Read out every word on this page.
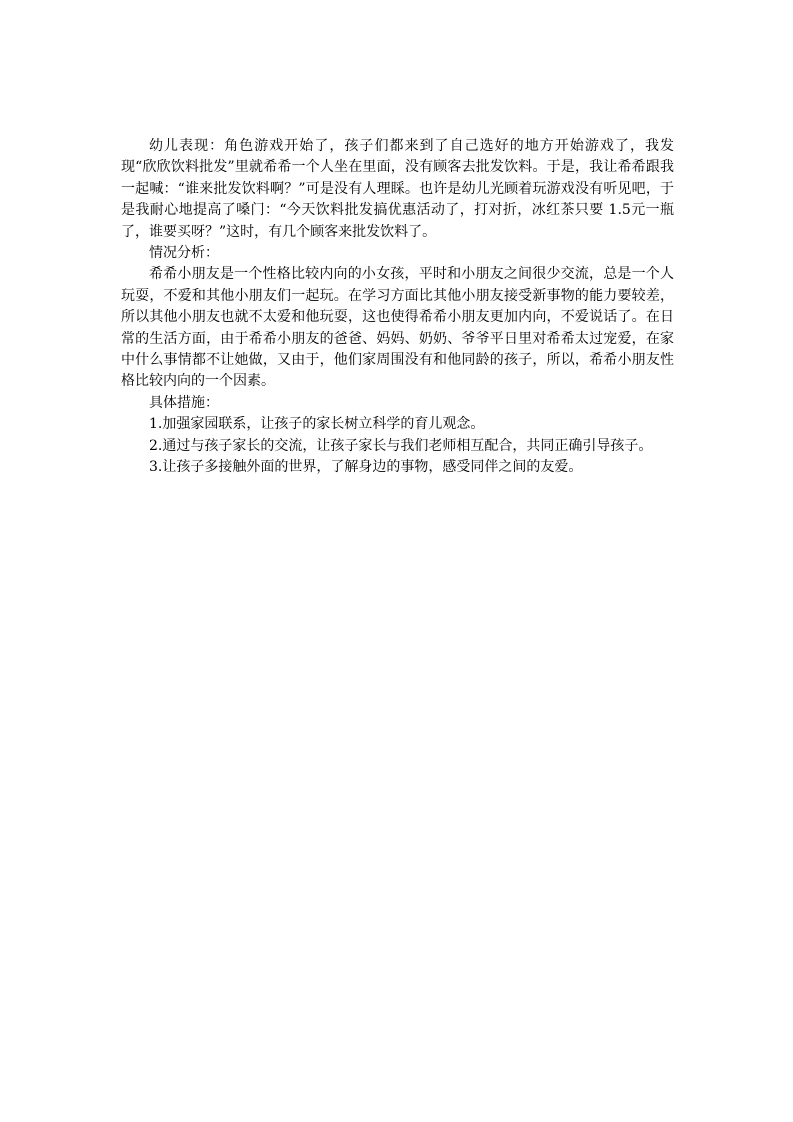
幼儿表现：角色游戏开始了，孩子们都来到了自己选好的地方开始游戏了，我发现“欣欣饮料批发”里就希希一个人坐在里面，没有顾客去批发饮料。于是，我让希希跟我一起喊：“谁来批发饮料啊？”可是没有人理睬。也许是幼儿光顾着玩游戏没有听见吧，于是我耐心地提高了嗓门：“今天饮料批发搞优惠活动了，打对折，冰红茶只要 1.5元一瓶了，谁要买呀？”这时，有几个顾客来批发饮料了。

情况分析：

希希小朋友是一个性格比较内向的小女孩，平时和小朋友之间很少交流，总是一个人玩耍，不爱和其他小朋友们一起玩。在学习方面比其他小朋友接受新事物的能力要较差，所以其他小朋友也就不太爱和他玩耍，这也使得希希小朋友更加内向，不爱说话了。在日常的生活方面，由于希希小朋友的爸爸、妈妈、奶奶、爷爷平日里对希希太过宠爱，在家中什么事情都不让她做，又由于，他们家周围没有和他同龄的孩子，所以，希希小朋友性格比较内向的一个因素。

具体措施：

1.加强家园联系，让孩子的家长树立科学的育儿观念。

2.通过与孩子家长的交流，让孩子家长与我们老师相互配合，共同正确引导孩子。

3.让孩子多接触外面的世界，了解身边的事物，感受同伴之间的友爱。
